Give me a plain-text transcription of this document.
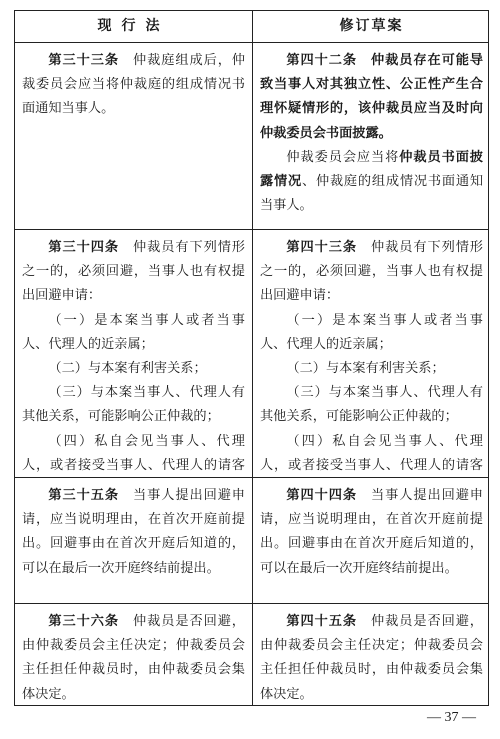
现行法	修订草案

第三十三条　仲裁庭组成后，仲裁委员会应当将仲裁庭的组成情况书面通知当事人。

第四十二条　仲裁员存在可能导致当事人对其独立性、公正性产生合理怀疑情形的，该仲裁员应当及时向仲裁委员会书面披露。

仲裁委员会应当将仲裁员书面披露情况、仲裁庭的组成情况书面通知当事人。

第三十四条　仲裁员有下列情形之一的，必须回避，当事人也有权提出回避申请：

（一）是本案当事人或者当事人、代理人的近亲属；

（二）与本案有利害关系；

（三）与本案当事人、代理人有其他关系，可能影响公正仲裁的；

（四）私自会见当事人、代理人，或者接受当事人、代理人的请客

第四十三条　仲裁员有下列情形之一的，必须回避，当事人也有权提出回避申请：

（一）是本案当事人或者当事人、代理人的近亲属；

（二）与本案有利害关系；

（三）与本案当事人、代理人有其他关系，可能影响公正仲裁的；

（四）私自会见当事人、代理人，或者接受当事人、代理人的请客

第三十五条　当事人提出回避申请，应当说明理由，在首次开庭前提出。回避事由在首次开庭后知道的，可以在最后一次开庭终结前提出。

第四十四条　当事人提出回避申请，应当说明理由，在首次开庭前提出。回避事由在首次开庭后知道的，可以在最后一次开庭终结前提出。

第三十六条　仲裁员是否回避，由仲裁委员会主任决定；仲裁委员会主任担任仲裁员时，由仲裁委员会集体决定。

第四十五条　仲裁员是否回避，由仲裁委员会主任决定；仲裁委员会主任担任仲裁员时，由仲裁委员会集体决定。

— 37 —
